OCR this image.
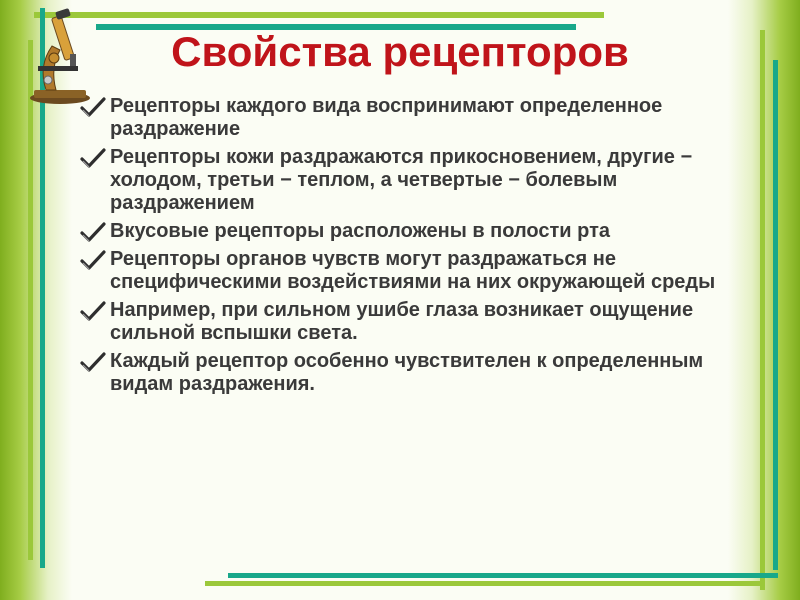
Свойства рецепторов
Рецепторы каждого вида воспринимают определенное раздражение
Рецепторы кожи раздражаются прикосновением, другие − холодом, третьи − теплом, а четвертые − болевым раздражением
Вкусовые рецепторы расположены в полости рта
Рецепторы органов чувств могут раздражаться не специфическими воздействиями на них окружающей среды
Например, при сильном ушибе глаза возникает ощущение сильной вспышки света.
Каждый рецептор особенно чувствителен к определенным видам раздражения.
